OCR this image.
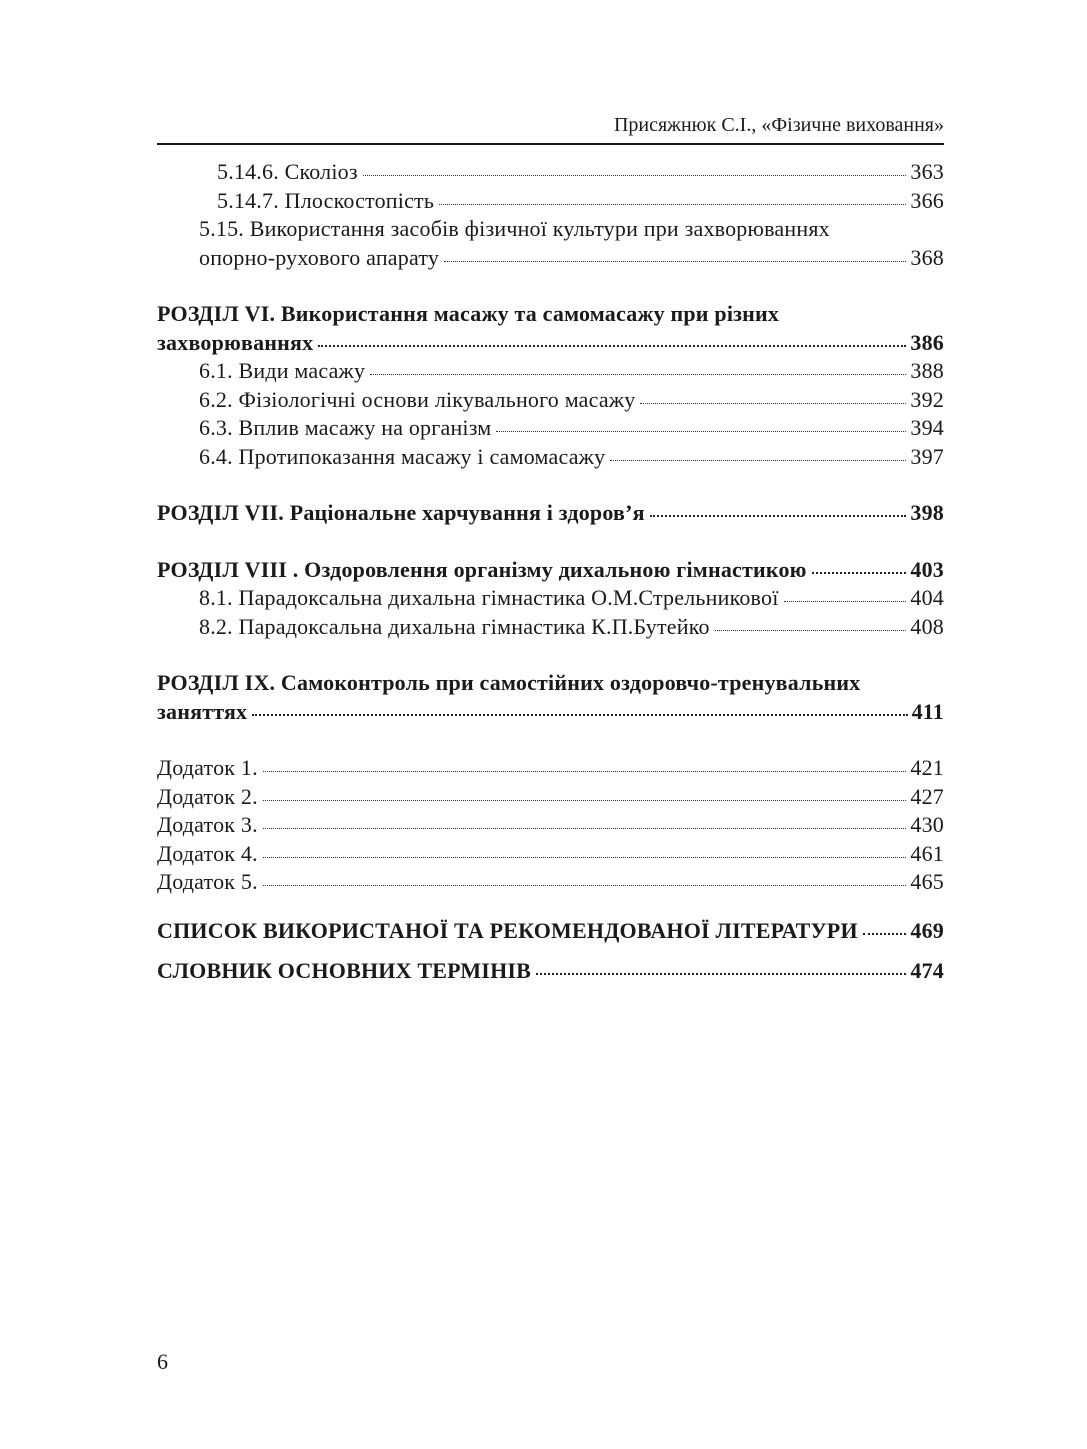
Присяжнюк С.І., «Фізичне виховання»
5.14.6. Сколіоз	363
5.14.7. Плоскостопість	366
5.15. Використання засобів фізичної культури при захворюваннях
опорно-рухового апарату	368
РОЗДІЛ VI. Використання масажу та самомасажу при різних
захворюваннях	386
6.1. Види масажу	388
6.2. Фізіологічні основи лікувального масажу	392
6.3. Вплив масажу на організм	394
6.4. Протипоказання масажу і самомасажу	397
РОЗДІЛ VII. Раціональне харчування і здоров’я	398
РОЗДІЛ VIII . Оздоровлення організму дихальною гімнастикою	403
8.1. Парадоксальна дихальна гімнастика О.М.Стрельникової	404
8.2. Парадоксальна дихальна гімнастика К.П.Бутейко	408
РОЗДІЛ IX. Самоконтроль при самостійних оздоровчо-тренувальних
заняттях	411
Додаток 1.	421
Додаток 2.	427
Додаток 3.	430
Додаток 4.	461
Додаток 5.	465
СПИСОК ВИКОРИСТАНОЇ ТА РЕКОМЕНДОВАНОЇ ЛІТЕРАТУРИ 469
СЛОВНИК ОСНОВНИХ ТЕРМІНІВ	474
6
